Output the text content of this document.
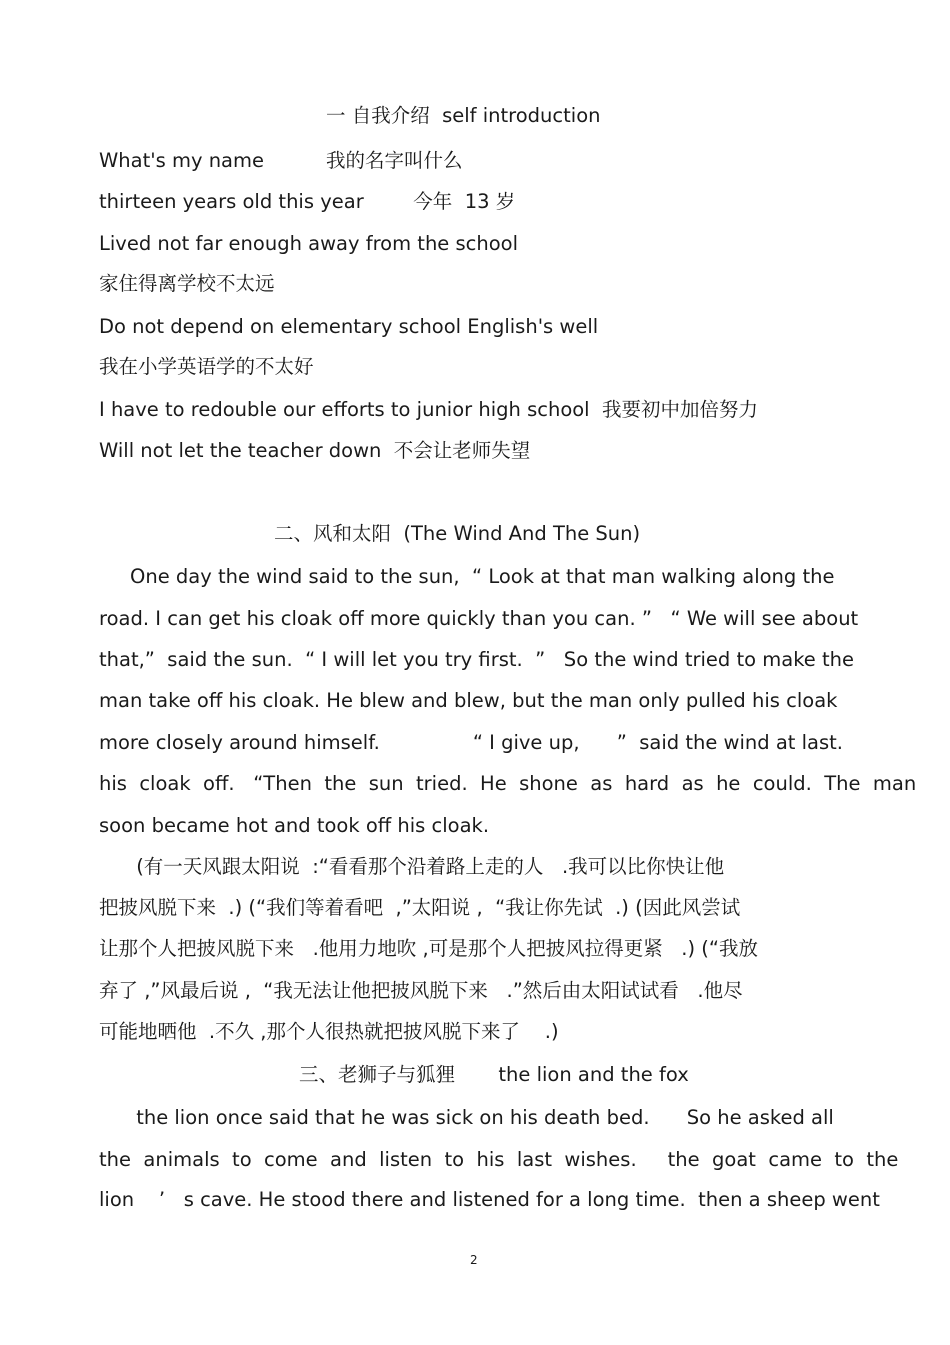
一 自我介绍  self introduction
What's my name          我的名字叫什么
thirteen years old this year        今年  13 岁
Lived not far enough away from the school
家住得离学校不太远
Do not depend on elementary school English's well
我在小学英语学的不太好
I have to redouble our efforts to junior high school  我要初中加倍努力
Will not let the teacher down  不会让老师失望
二、风和太阳  (The Wind And The Sun)
One day the wind said to the sun,  “ Look at that man walking along the
road. I can get his cloak off more quickly than you can. ”   “ We will see about
that,”  said the sun.  “ I will let you try first.  ”   So the wind tried to make the
man take off his cloak. He blew and blew, but the man only pulled his cloak
more closely around himself.               “ I give up,      ”  said the wind at last.
his  cloak  off.   “Then  the  sun  tried.  He  shone  as  hard  as  he  could.  The  man
soon became hot and took off his cloak.
(有一天风跟太阳说  :“看看那个沿着路上走的人   .我可以比你快让他
把披风脱下来  .) (“我们等着看吧  ,”太阳说 ,  “我让你先试  .) (因此风尝试
让那个人把披风脱下来   .他用力地吹 ,可是那个人把披风拉得更紧   .) (“我放
弃了 ,”风最后说 ,  “我无法让他把披风脱下来   .”然后由太阳试试看   .他尽
可能地晒他  .不久 ,那个人很热就把披风脱下来了    .)
三、老狮子与狐狸       the lion and the fox
the lion once said that he was sick on his death bed.      So he asked all
the  animals  to  come  and  listen  to  his  last  wishes.     the  goat  came  to  the
lion    ’   s cave. He stood there and listened for a long time.  then a sheep went
2
